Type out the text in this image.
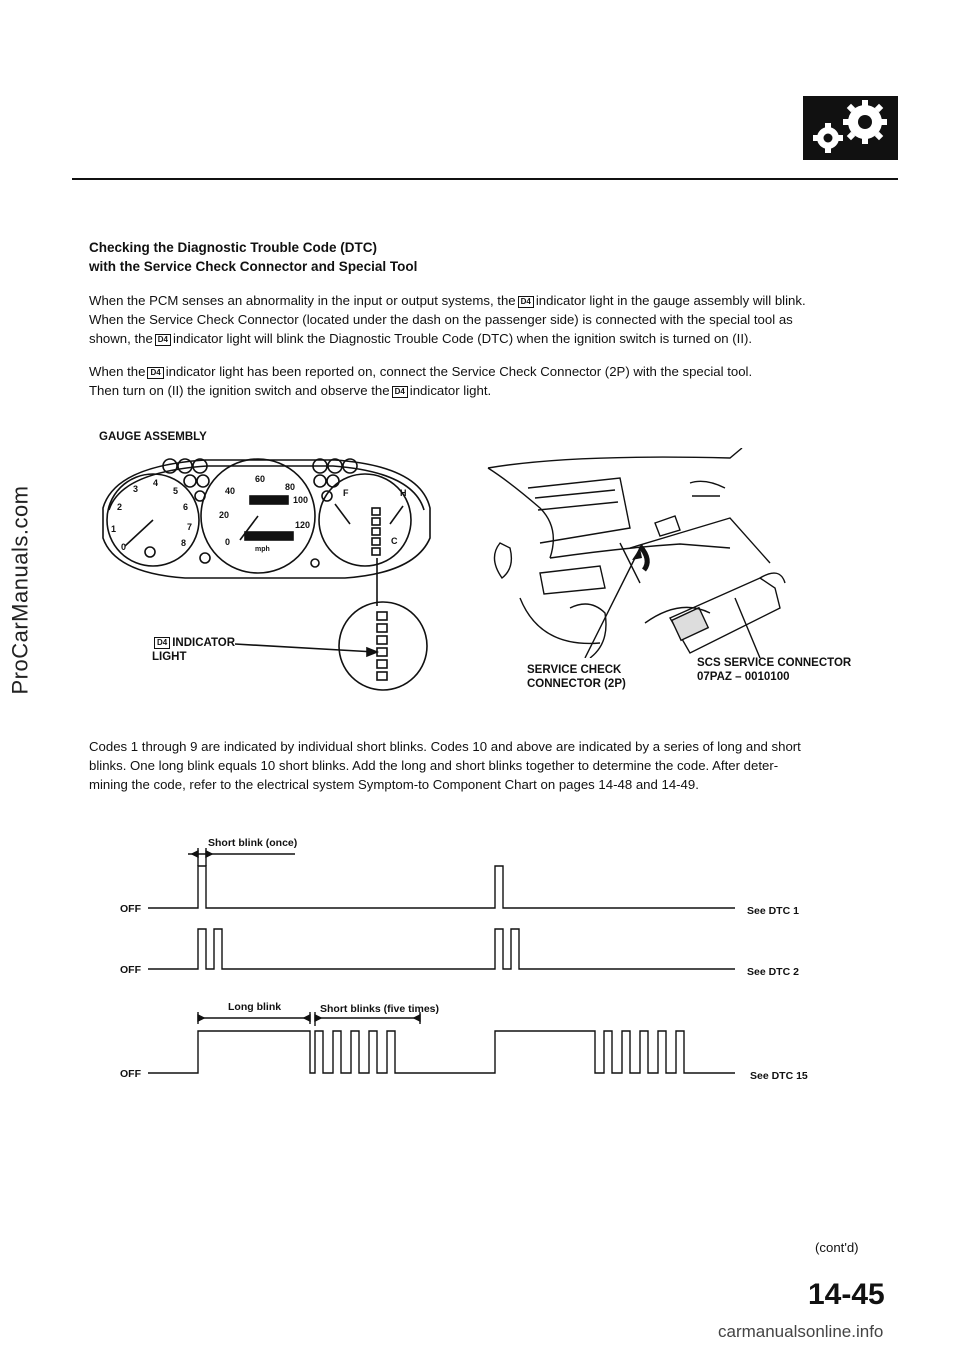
ProCarManuals.com
Checking the Diagnostic Trouble Code (DTC)
with the Service Check Connector and Special Tool
When the PCM senses an abnormality in the input or output systems, the D4 indicator light in the gauge assembly will blink.
When the Service Check Connector (located under the dash on the passenger side) is connected with the special tool as
shown, the D4 indicator light will blink the Diagnostic Trouble Code (DTC) when the ignition switch is turned on (II).
When the D4 indicator light has been reported on, connect the Service Check Connector (2P) with the special tool.
Then turn on (II) the ignition switch and observe the D4 indicator light.
GAUGE ASSEMBLY
60
80
40
100
20
120
0
mph
3
4
5
6
2
7
1
0	8
F	H
C
D4 INDICATOR
LIGHT
SERVICE CHECK
CONNECTOR (2P)
SCS SERVICE CONNECTOR
07PAZ – 0010100
Codes 1 through 9 are indicated by individual short blinks. Codes 10 and above are indicated by a series of long and short
blinks. One long blink equals 10 short blinks. Add the long and short blinks together to determine the code. After deter-
mining the code, refer to the electrical system Symptom-to Component Chart on pages 14-48 and 14-49.
Short blink (once)
OFF	See DTC 1
OFF	See DTC 2
Long blink	Short blinks (five times)
OFF	See DTC 15
(cont'd)
14-45
carmanualsonline.info
